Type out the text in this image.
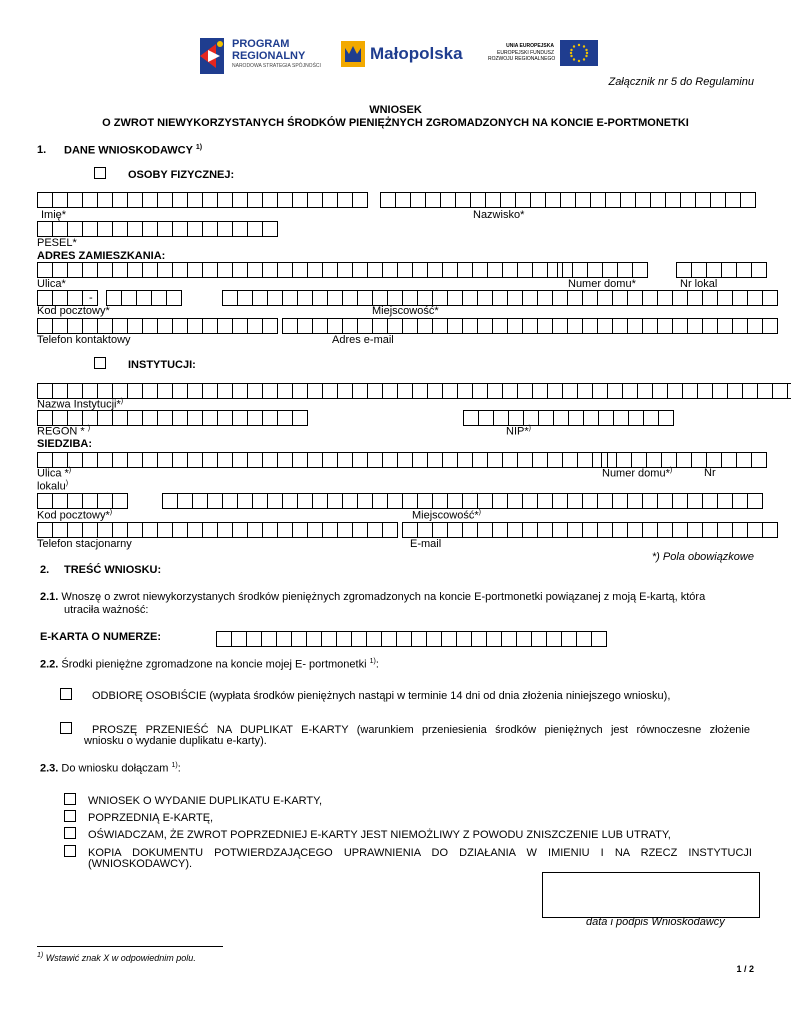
PROGRAM
REGIONALNY
NARODOWA STRATEGIA SPÓJNOŚCI
Małopolska	UNIA EUROPEJSKA
EUROPEJSKI FUNDUSZ
ROZWOJU REGIONALNEGO
Załącznik nr 5 do Regulaminu
WNIOSEK
O ZWROT NIEWYKORZYSTANYCH ŚRODKÓW PIENIĘŻNYCH ZGROMADZONYCH NA KONCIE E-PORTMONETKI
1. DANE WNIOSKODAWCY $^{1)}$
OSOBY FIZYCZNEJ:
Imię*	Nazwisko*
PESEL*
ADRES ZAMIESZKANIA:
Ulica*	Numer domu*	Nr lokal
-
Kod pocztowy*	Miejscowość*
Telefon kontaktowy	Adres e-mail
INSTYTUCJI:
Nazwa Instytucji*)
REGON * )	NIP*)
SIEDZIBA:
Ulica *)	Numer domu*)	Nr
lokalu)
Kod pocztowy*)	Miejscowość*)
Telefon stacjonarny	E-mail
*) Pola obowiązkowe
2. TREŚĆ WNIOSKU:
2.1. Wnoszę o zwrot niewykorzystanych środków pieniężnych zgromadzonych na koncie E-portmonetki powiązanej z moją E-kartą, która
utraciła ważność:
E-KARTA O NUMERZE:
2.2. Środki pieniężne zgromadzone na koncie mojej E- portmonetki $^{1)}$:
ODBIORĘ OSOBIŚCIE (wypłata środków pieniężnych nastąpi w terminie 14 dni od dnia złożenia niniejszego wniosku),
PROSZĘ PRZENIEŚĆ NA DUPLIKAT E-KARTY (warunkiem przeniesienia środków pieniężnych jest równoczesne złożenie
wniosku o wydanie duplikatu e-karty).
2.3. Do wniosku dołączam $^{1)}$:
WNIOSEK O WYDANIE DUPLIKATU E-KARTY,
POPRZEDNIĄ E-KARTĘ,
OŚWIADCZAM, ŻE ZWROT POPRZEDNIEJ E-KARTY JEST NIEMOŻLIWY Z POWODU ZNISZCZENIE LUB UTRATY,
KOPIA DOKUMENTU POTWIERDZAJĄCEGO UPRAWNIENIA DO DZIAŁANIA W IMIENIU I NA RZECZ INSTYTUCJI
(WNIOSKODAWCY).
data i podpis Wnioskodawcy
$^{1)}$ Wstawić znak X w odpowiednim polu.
1 / 2
